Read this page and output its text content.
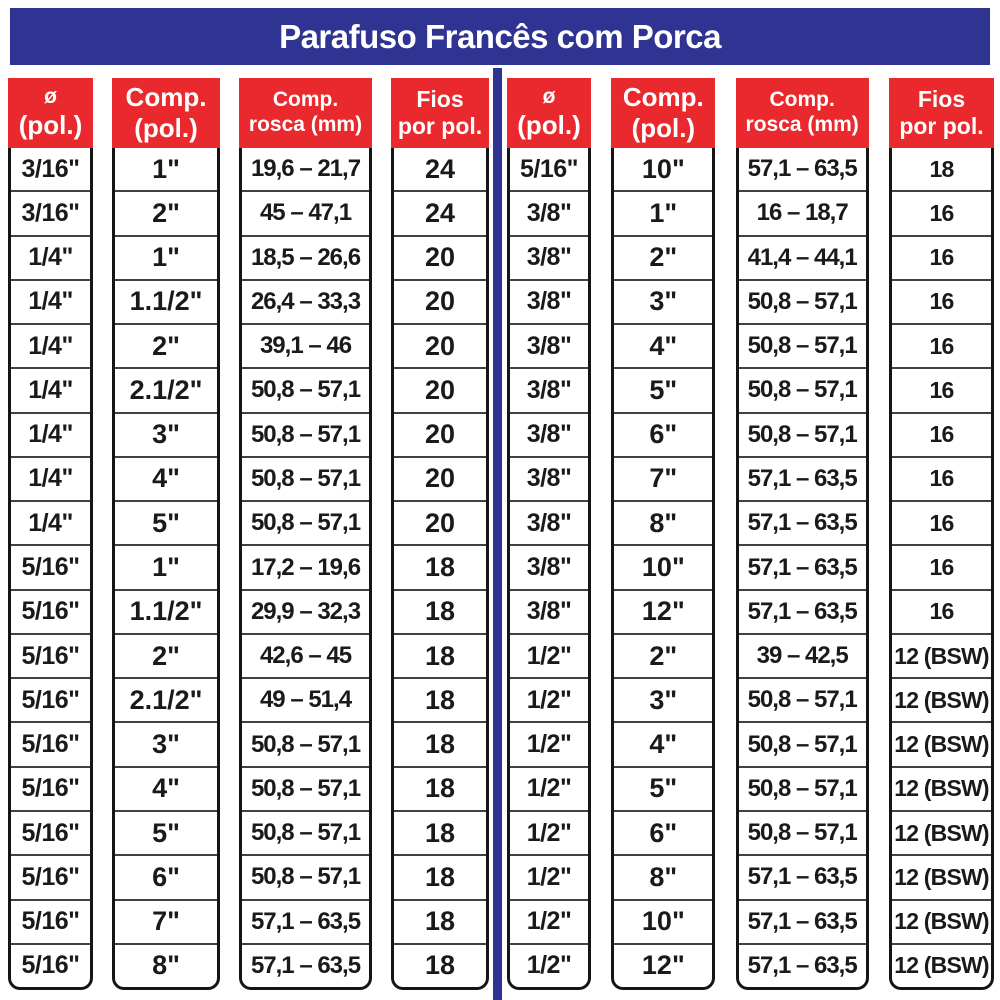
Parafuso Francês com Porca
ø
(pol.)
3/16"
3/16"
1/4"
1/4"
1/4"
1/4"
1/4"
1/4"
1/4"
5/16"
5/16"
5/16"
5/16"
5/16"
5/16"
5/16"
5/16"
5/16"
5/16"
Comp.
(pol.)
1"
2"
1"
1.1/2"
2"
2.1/2"
3"
4"
5"
1"
1.1/2"
2"
2.1/2"
3"
4"
5"
6"
7"
8"
Comp.
rosca (mm)
19,6 – 21,7
45 – 47,1
18,5 – 26,6
26,4 – 33,3
39,1 – 46
50,8 – 57,1
50,8 – 57,1
50,8 – 57,1
50,8 – 57,1
17,2 – 19,6
29,9 – 32,3
42,6 – 45
49 – 51,4
50,8 – 57,1
50,8 – 57,1
50,8 – 57,1
50,8 – 57,1
57,1 – 63,5
57,1 – 63,5
Fios
por pol.
24
24
20
20
20
20
20
20
20
18
18
18
18
18
18
18
18
18
18
ø
(pol.)
5/16"
3/8"
3/8"
3/8"
3/8"
3/8"
3/8"
3/8"
3/8"
3/8"
3/8"
1/2"
1/2"
1/2"
1/2"
1/2"
1/2"
1/2"
1/2"
Comp.
(pol.)
10"
1"
2"
3"
4"
5"
6"
7"
8"
10"
12"
2"
3"
4"
5"
6"
8"
10"
12"
Comp.
rosca (mm)
57,1 – 63,5
16 – 18,7
41,4 – 44,1
50,8 – 57,1
50,8 – 57,1
50,8 – 57,1
50,8 – 57,1
57,1 – 63,5
57,1 – 63,5
57,1 – 63,5
57,1 – 63,5
39 – 42,5
50,8 – 57,1
50,8 – 57,1
50,8 – 57,1
50,8 – 57,1
57,1 – 63,5
57,1 – 63,5
57,1 – 63,5
Fios
por pol.
18
16
16
16
16
16
16
16
16
16
16
12 (BSW)
12 (BSW)
12 (BSW)
12 (BSW)
12 (BSW)
12 (BSW)
12 (BSW)
12 (BSW)
